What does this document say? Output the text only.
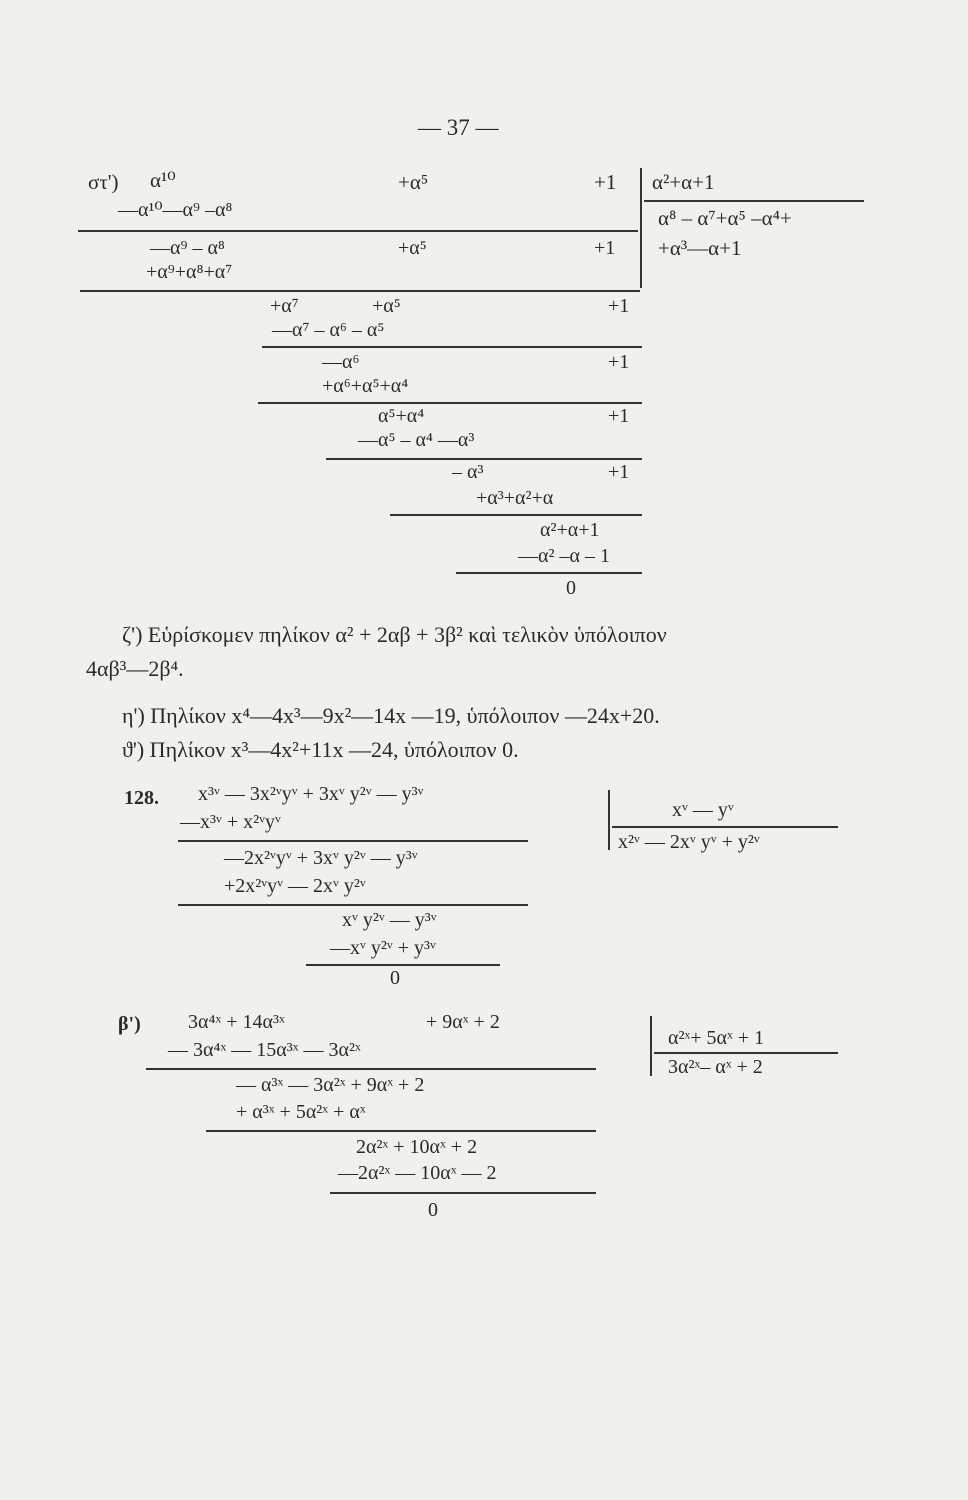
— 37 —
στ') α¹⁰	+α⁵	+1 α²+α+1
α⁸ – α⁷+α⁵ –α⁴+
+α³—α+1
—α¹⁰—α⁹ –α⁸
—α⁹ – α⁸	+α⁵	+1
+α⁹+α⁸+α⁷
+α⁷	+α⁵	+1
—α⁷ – α⁶ – α⁵
—α⁶	+1
+α⁶+α⁵+α⁴
α⁵+α⁴	+1
—α⁵ – α⁴ —α³
– α³	+1
+α³+α²+α
α²+α+1
—α² –α – 1
0
ζ') Εὑρίσκομεν πηλίκον α² + 2αβ + 3β² καὶ τελικὸν ὑπόλοιπον
4αβ³—2β⁴.
η') Πηλίκον x⁴—4x³—9x²—14x —19, ὑπόλοιπον —24x+20.
ϑ') Πηλίκον x³—4x²+11x —24, ὑπόλοιπον 0.
128. x³ᵛ — 3x²ᵛyᵛ + 3xᵛ y²ᵛ — y³ᵛ
—x³ᵛ + x²ᵛyᵛ
xᵛ — yᵛ
x²ᵛ — 2xᵛ yᵛ + y²ᵛ
—2x²ᵛyᵛ + 3xᵛ y²ᵛ — y³ᵛ
+2x²ᵛyᵛ — 2xᵛ y²ᵛ
xᵛ y²ᵛ — y³ᵛ
—xᵛ y²ᵛ + y³ᵛ
0
β') 3α⁴ˣ + 14α³ˣ	+ 9αˣ + 2
— 3α⁴ˣ — 15α³ˣ — 3α²ˣ
α²ˣ+ 5αˣ + 1
3α²ˣ– αˣ + 2
— α³ˣ — 3α²ˣ + 9αˣ + 2
+ α³ˣ + 5α²ˣ + αˣ
2α²ˣ + 10αˣ + 2
—2α²ˣ — 10αˣ — 2
0
